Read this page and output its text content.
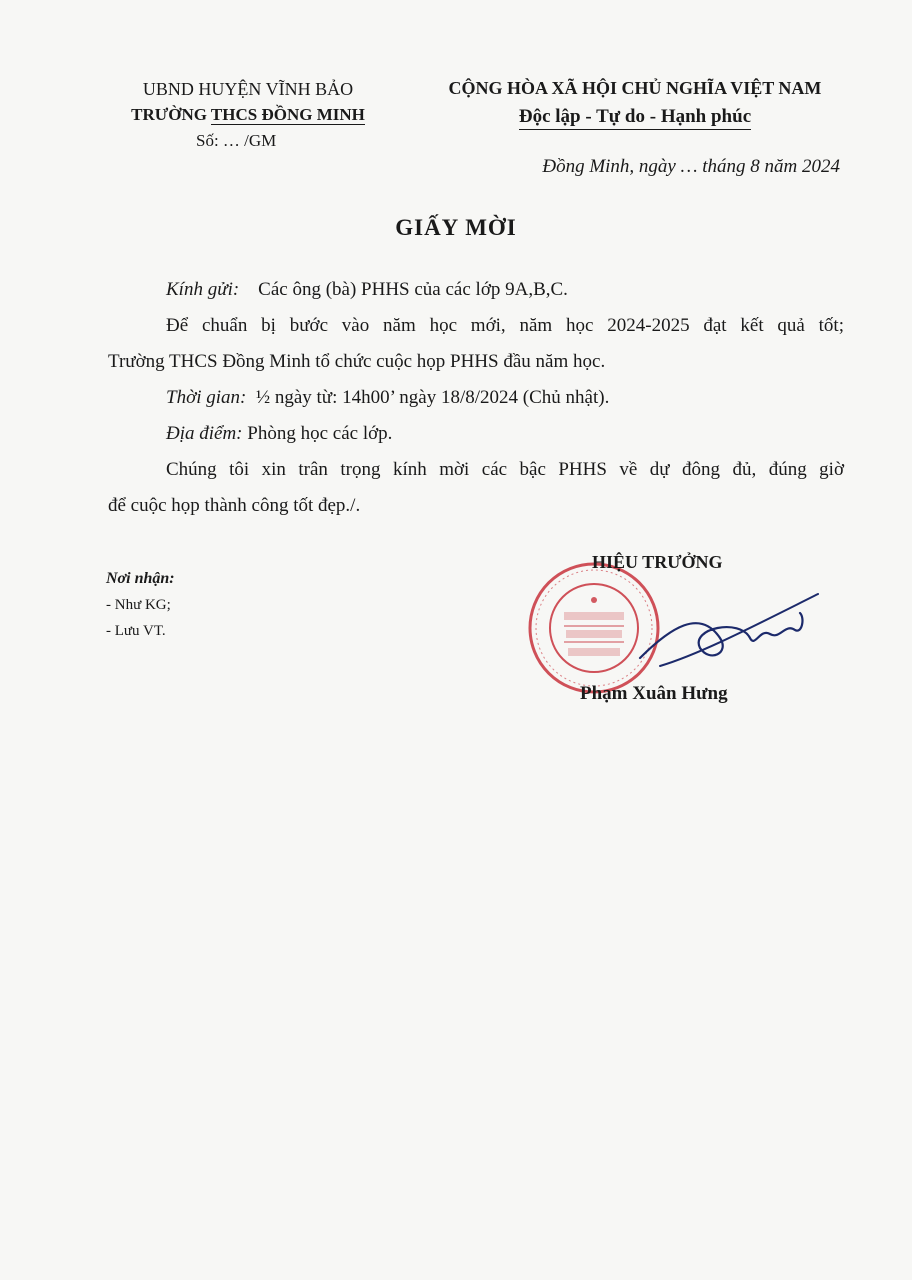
UBND HUYỆN VĨNH BẢO
TRƯỜNG THCS ĐỒNG MINH
Số: … /GM
CỘNG HÒA XÃ HỘI CHỦ NGHĨA VIỆT NAM
Độc lập - Tự do - Hạnh phúc
Đồng Minh, ngày … tháng 8 năm 2024
GIẤY MỜI

Kính gửi: Các ông (bà) PHHS của các lớp 9A,B,C.

Để chuẩn bị bước vào năm học mới, năm học 2024-2025 đạt kết quả tốt;

Trường THCS Đồng Minh tổ chức cuộc họp PHHS đầu năm học.

Thời gian: ½ ngày từ: 14h00’ ngày 18/8/2024 (Chủ nhật).

Địa điểm: Phòng học các lớp.

Chúng tôi xin trân trọng kính mời các bậc PHHS về dự đông đủ, đúng giờ

để cuộc họp thành công tốt đẹp./.

Nơi nhận:
- Như KG;
- Lưu VT.
HIỆU TRƯỞNG
Phạm Xuân Hưng
